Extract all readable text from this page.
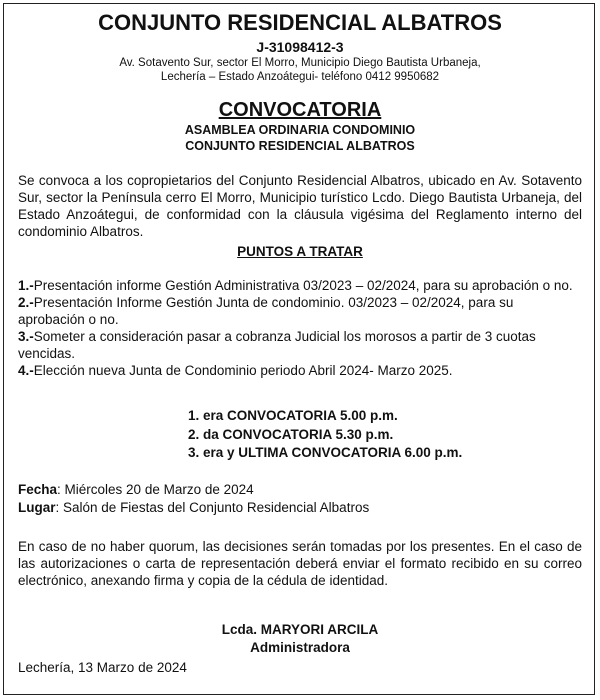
CONJUNTO RESIDENCIAL ALBATROS

J-31098412-3

Av. Sotavento Sur, sector El Morro, Municipio Diego Bautista Urbaneja,

Lechería – Estado Anzoátegui- teléfono 0412 9950682

CONVOCATORIA

ASAMBLEA ORDINARIA CONDOMINIO

CONJUNTO RESIDENCIAL ALBATROS

Se convoca a los copropietarios del Conjunto Residencial Albatros, ubicado en Av. Sotavento Sur, sector la Península cerro El Morro, Municipio turístico Lcdo. Diego Bautista Urbaneja, del Estado Anzoátegui, de conformidad con la cláusula vigésima del Reglamento interno del condominio Albatros.

PUNTOS A TRATAR

1.-Presentación informe Gestión Administrativa 03/2023 – 02/2024, para su aprobación o no.

2.-Presentación Informe Gestión Junta de condominio. 03/2023 – 02/2024, para su aprobación o no.

3.-Someter a consideración pasar a cobranza Judicial los morosos a partir de 3 cuotas vencidas.

4.-Elección nueva Junta de Condominio periodo Abril 2024- Marzo 2025.

1. era CONVOCATORIA 5.00 p.m.

2. da CONVOCATORIA 5.30 p.m.

3. era y ULTIMA CONVOCATORIA 6.00 p.m.

Fecha: Miércoles 20 de Marzo de 2024

Lugar: Salón de Fiestas del Conjunto Residencial Albatros

En caso de no haber quorum, las decisiones serán tomadas por los presentes. En el caso de las autorizaciones o carta de representación deberá enviar el formato recibido en su correo electrónico, anexando firma y copia de la cédula de identidad.

Lcda. MARYORI ARCILA

Administradora

Lechería, 13 Marzo de 2024
